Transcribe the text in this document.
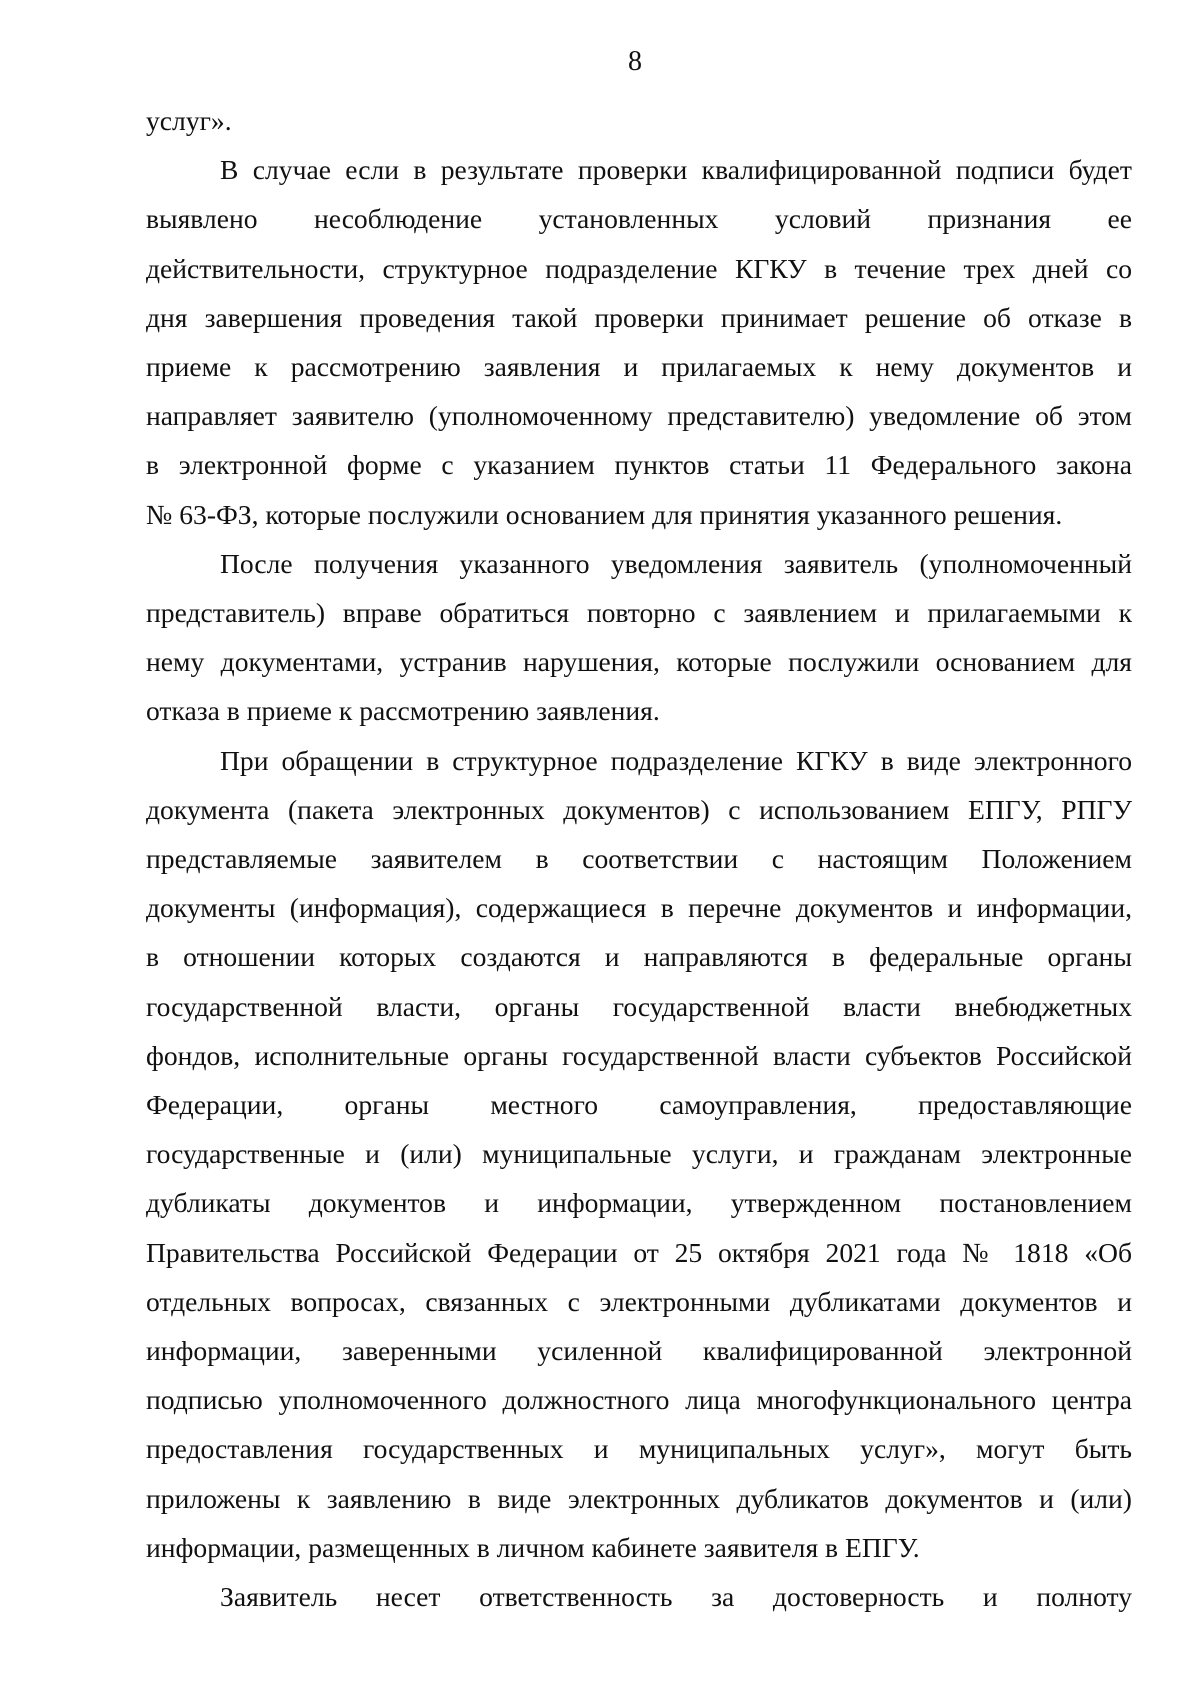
8
услуг».
В случае если в результате проверки квалифицированной подписи будет
выявлено несоблюдение установленных условий признания ее
действительности, структурное подразделение КГКУ в течение трех дней со
дня завершения проведения такой проверки принимает решение об отказе в
приеме к рассмотрению заявления и прилагаемых к нему документов и
направляет заявителю (уполномоченному представителю) уведомление об этом
в электронной форме с указанием пунктов статьи 11 Федерального закона
№ 63-ФЗ, которые послужили основанием для принятия указанного решения.
После получения указанного уведомления заявитель (уполномоченный
представитель) вправе обратиться повторно с заявлением и прилагаемыми к
нему документами, устранив нарушения, которые послужили основанием для
отказа в приеме к рассмотрению заявления.
При обращении в структурное подразделение КГКУ в виде электронного
документа (пакета электронных документов) с использованием ЕПГУ, РПГУ
представляемые заявителем в соответствии с настоящим Положением
документы (информация), содержащиеся в перечне документов и информации,
в отношении которых создаются и направляются в федеральные органы
государственной власти, органы государственной власти внебюджетных
фондов, исполнительные органы государственной власти субъектов Российской
Федерации, органы местного самоуправления, предоставляющие
государственные и (или) муниципальные услуги, и гражданам электронные
дубликаты документов и информации, утвержденном постановлением
Правительства Российской Федерации от 25 октября 2021 года № 1818 «Об
отдельных вопросах, связанных с электронными дубликатами документов и
информации, заверенными усиленной квалифицированной электронной
подписью уполномоченного должностного лица многофункционального центра
предоставления государственных и муниципальных услуг», могут быть
приложены к заявлению в виде электронных дубликатов документов и (или)
информации, размещенных в личном кабинете заявителя в ЕПГУ.
Заявитель несет ответственность за достоверность и полноту
